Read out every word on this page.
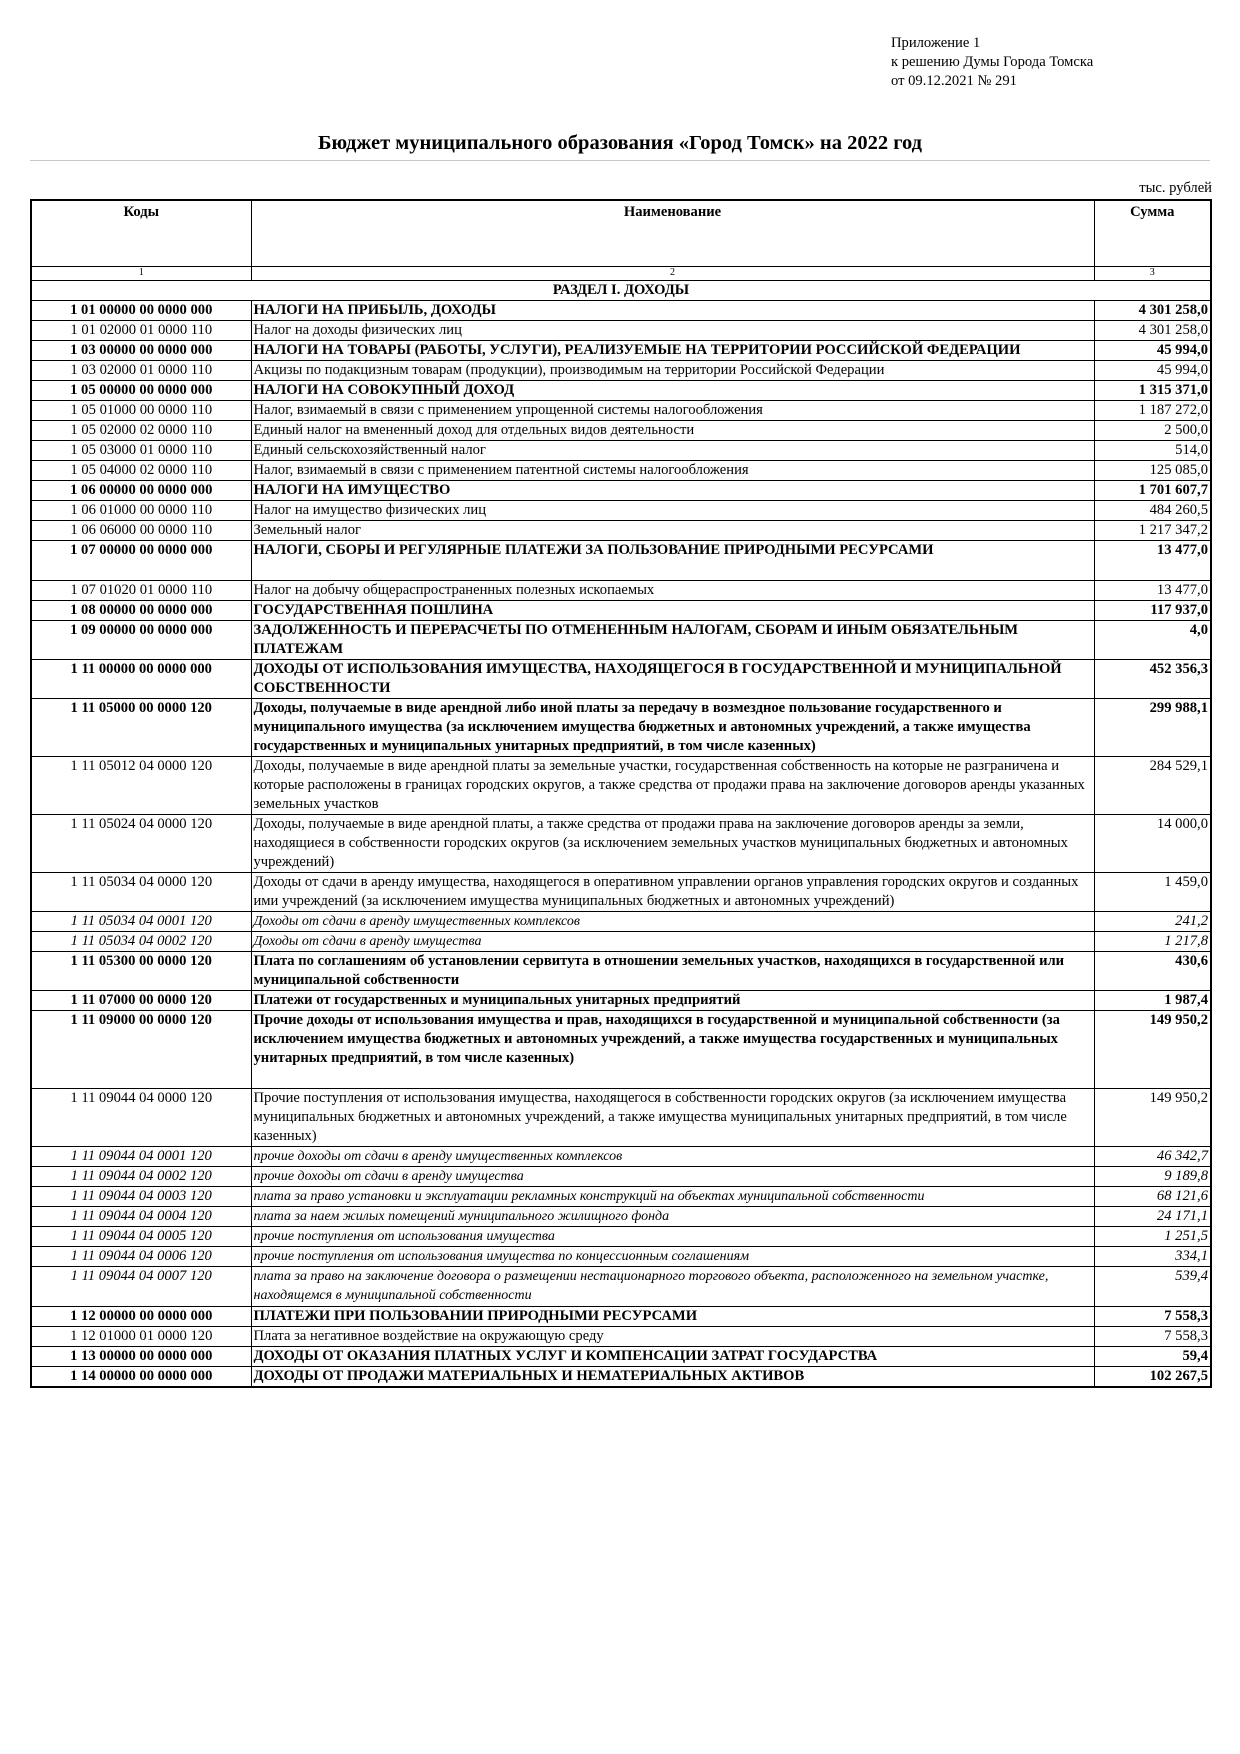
Приложение 1
к решению Думы Города Томска
от 09.12.2021 № 291
Бюджет муниципального образования «Город Томск» на 2022 год
тыс. рублей
Коды	Наименование	Сумма
1	2	3
РАЗДЕЛ I. ДОХОДЫ		
1 01 00000 00 0000 000	НАЛОГИ НА ПРИБЫЛЬ, ДОХОДЫ	4 301 258,0
1 01 02000 01 0000 110	Налог на доходы физических лиц	4 301 258,0
1 03 00000 00 0000 000	НАЛОГИ НА ТОВАРЫ (РАБОТЫ, УСЛУГИ), РЕАЛИЗУЕМЫЕ НА ТЕРРИТОРИИ РОССИЙСКОЙ ФЕДЕРАЦИИ	45 994,0
1 03 02000 01 0000 110	Акцизы по подакцизным товарам (продукции), производимым на территории Российской Федерации	45 994,0
1 05 00000 00 0000 000	НАЛОГИ НА СОВОКУПНЫЙ ДОХОД	1 315 371,0
1 05 01000 00 0000 110	Налог, взимаемый в связи с применением упрощенной системы налогообложения	1 187 272,0
1 05 02000 02 0000 110	Единый налог на вмененный доход для отдельных видов деятельности	2 500,0
1 05 03000 01 0000 110	Единый сельскохозяйственный налог	514,0
1 05 04000 02 0000 110	Налог, взимаемый в связи с применением патентной системы налогообложения	125 085,0
1 06 00000 00 0000 000	НАЛОГИ НА ИМУЩЕСТВО	1 701 607,7
1 06 01000 00 0000 110	Налог на имущество физических лиц	484 260,5
1 06 06000 00 0000 110	Земельный налог	1 217 347,2
1 07 00000 00 0000 000	НАЛОГИ, СБОРЫ И РЕГУЛЯРНЫЕ ПЛАТЕЖИ ЗА ПОЛЬЗОВАНИЕ ПРИРОДНЫМИ РЕСУРСАМИ	13 477,0
1 07 01020 01 0000 110	Налог на добычу общераспространенных полезных ископаемых	13 477,0
1 08 00000 00 0000 000	ГОСУДАРСТВЕННАЯ ПОШЛИНА	117 937,0
1 09 00000 00 0000 000	ЗАДОЛЖЕННОСТЬ И ПЕРЕРАСЧЕТЫ ПО ОТМЕНЕННЫМ НАЛОГАМ, СБОРАМ И ИНЫМ ОБЯЗАТЕЛЬНЫМ ПЛАТЕЖАМ	4,0
1 11 00000 00 0000 000	ДОХОДЫ ОТ ИСПОЛЬЗОВАНИЯ ИМУЩЕСТВА, НАХОДЯЩЕГОСЯ В ГОСУДАРСТВЕННОЙ И МУНИЦИПАЛЬНОЙ СОБСТВЕННОСТИ	452 356,3
1 11 05000 00 0000 120	Доходы, получаемые в виде арендной либо иной платы за передачу в возмездное пользование государственного и муниципального имущества (за исключением имущества бюджетных и автономных учреждений, а также имущества государственных и муниципальных унитарных предприятий, в том числе казенных)	299 988,1
1 11 05012 04 0000 120	Доходы, получаемые в виде арендной платы за земельные участки, государственная собственность на которые не разграничена и которые расположены в границах городских округов, а также средства от продажи права на заключение договоров аренды указанных земельных участков	284 529,1
1 11 05024 04 0000 120	Доходы, получаемые в виде арендной платы, а также средства от продажи права на заключение договоров аренды за земли, находящиеся в собственности городских округов (за исключением земельных участков муниципальных бюджетных и автономных учреждений)	14 000,0
1 11 05034 04 0000 120	Доходы от сдачи в аренду имущества, находящегося в оперативном управлении органов управления городских округов и созданных ими учреждений (за исключением имущества муниципальных бюджетных и автономных учреждений)	1 459,0
1 11 05034 04 0001 120	Доходы от сдачи в аренду имущественных комплексов	241,2
1 11 05034 04 0002 120	Доходы от сдачи в аренду имущества	1 217,8
1 11 05300 00 0000 120	Плата по соглашениям об установлении сервитута в отношении земельных участков, находящихся в государственной или муниципальной собственности	430,6
1 11 07000 00 0000 120	Платежи от государственных и муниципальных унитарных предприятий	1 987,4
1 11 09000 00 0000 120	Прочие доходы от использования имущества и прав, находящихся в государственной и муниципальной собственности (за исключением имущества бюджетных и автономных учреждений, а также имущества государственных и муниципальных унитарных предприятий, в том числе казенных)	149 950,2
1 11 09044 04 0000 120	Прочие поступления от использования имущества, находящегося в собственности городских округов (за исключением имущества муниципальных бюджетных и автономных учреждений, а также имущества муниципальных унитарных предприятий, в том числе казенных)	149 950,2
1 11 09044 04 0001 120	прочие доходы от сдачи в аренду имущественных комплексов	46 342,7
1 11 09044 04 0002 120	прочие доходы от сдачи в аренду имущества	9 189,8
1 11 09044 04 0003 120	плата за право установки и эксплуатации рекламных конструкций на объектах муниципальной собственности	68 121,6
1 11 09044 04 0004 120	плата за наем жилых помещений муниципального жилищного фонда	24 171,1
1 11 09044 04 0005 120	прочие поступления от использования имущества	1 251,5
1 11 09044 04 0006 120	прочие поступления от использования имущества по концессионным соглашениям	334,1
1 11 09044 04 0007 120	плата за право на заключение договора о размещении нестационарного торгового объекта, расположенного на земельном участке, находящемся в муниципальной собственности	539,4
1 12 00000 00 0000 000	ПЛАТЕЖИ ПРИ ПОЛЬЗОВАНИИ ПРИРОДНЫМИ РЕСУРСАМИ	7 558,3
1 12 01000 01 0000 120	Плата за негативное воздействие на окружающую среду	7 558,3
1 13 00000 00 0000 000	ДОХОДЫ ОТ ОКАЗАНИЯ ПЛАТНЫХ УСЛУГ И КОМПЕНСАЦИИ ЗАТРАТ ГОСУДАРСТВА	59,4
1 14 00000 00 0000 000	ДОХОДЫ ОТ ПРОДАЖИ МАТЕРИАЛЬНЫХ И НЕМАТЕРИАЛЬНЫХ АКТИВОВ	102 267,5
